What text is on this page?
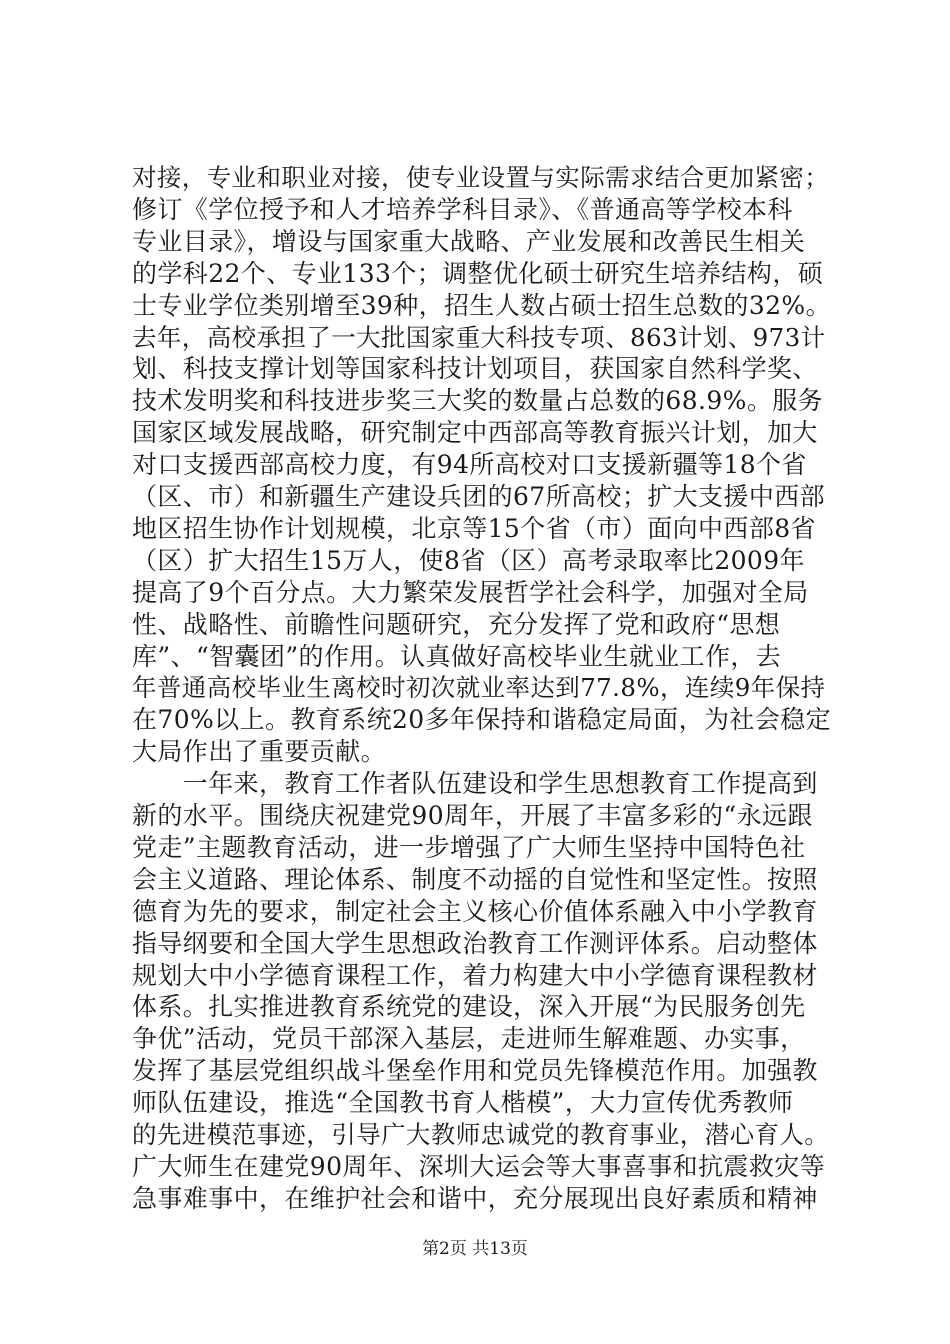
对接，专业和职业对接，使专业设置与实际需求结合更加紧密；
修订《学位授予和人才培养学科目录》、《普通高等学校本科
专业目录》，增设与国家重大战略、产业发展和改善民生相关
的学科22个、专业133个；调整优化硕士研究生培养结构，硕
士专业学位类别增至39种，招生人数占硕士招生总数的32%。
去年，高校承担了一大批国家重大科技专项、863计划、973计
划、科技支撑计划等国家科技计划项目，获国家自然科学奖、
技术发明奖和科技进步奖三大奖的数量占总数的68.9%。服务
国家区域发展战略，研究制定中西部高等教育振兴计划，加大
对口支援西部高校力度，有94所高校对口支援新疆等18个省
（区、市）和新疆生产建设兵团的67所高校；扩大支援中西部
地区招生协作计划规模，北京等15个省（市）面向中西部8省
（区）扩大招生15万人，使8省（区）高考录取率比2009年
提高了9个百分点。大力繁荣发展哲学社会科学，加强对全局
性、战略性、前瞻性问题研究，充分发挥了党和政府“思想
库”、“智囊团”的作用。认真做好高校毕业生就业工作，去
年普通高校毕业生离校时初次就业率达到77.8%，连续9年保持
在70%以上。教育系统20多年保持和谐稳定局面，为社会稳定
大局作出了重要贡献。
　　一年来，教育工作者队伍建设和学生思想教育工作提高到
新的水平。围绕庆祝建党90周年，开展了丰富多彩的“永远跟
党走”主题教育活动，进一步增强了广大师生坚持中国特色社
会主义道路、理论体系、制度不动摇的自觉性和坚定性。按照
德育为先的要求，制定社会主义核心价值体系融入中小学教育
指导纲要和全国大学生思想政治教育工作测评体系。启动整体
规划大中小学德育课程工作，着力构建大中小学德育课程教材
体系。扎实推进教育系统党的建设，深入开展“为民服务创先
争优”活动，党员干部深入基层，走进师生解难题、办实事，
发挥了基层党组织战斗堡垒作用和党员先锋模范作用。加强教
师队伍建设，推选“全国教书育人楷模”，大力宣传优秀教师
的先进模范事迹，引导广大教师忠诚党的教育事业，潜心育人。
广大师生在建党90周年、深圳大运会等大事喜事和抗震救灾等
急事难事中，在维护社会和谐中，充分展现出良好素质和精神
第2页 共13页
